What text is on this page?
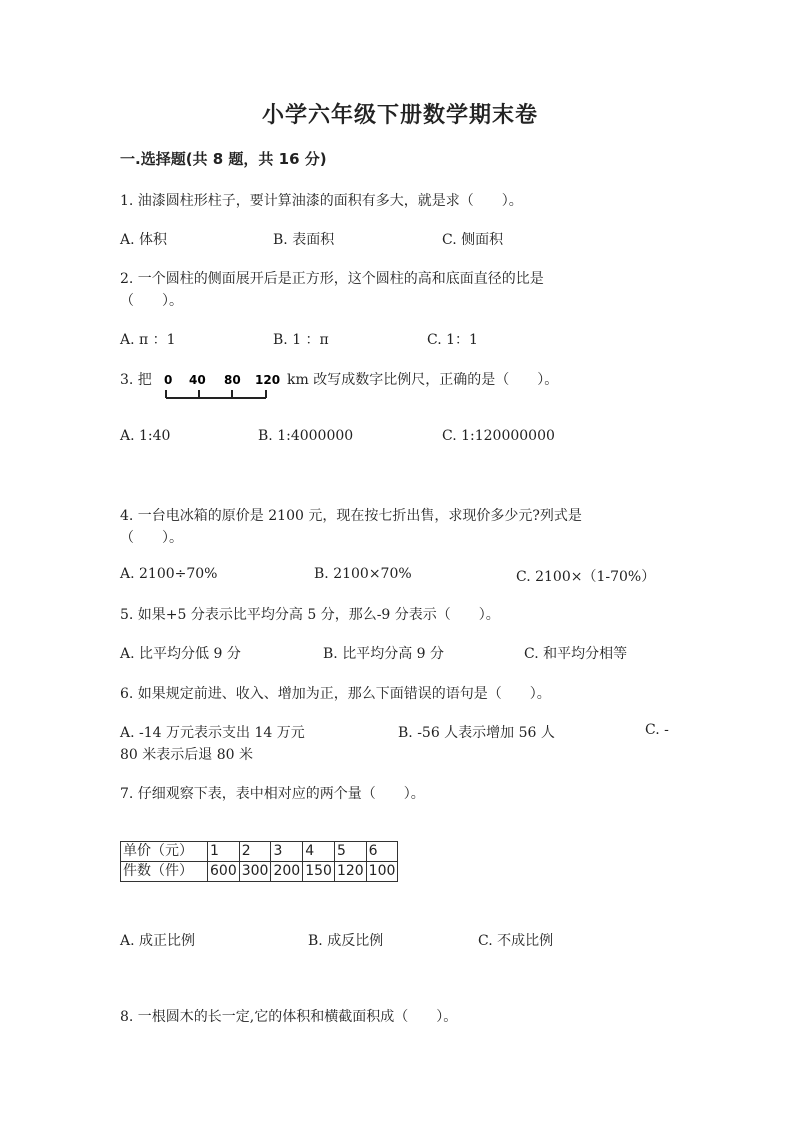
小学六年级下册数学期末卷
一.选择题(共 8 题，共 16 分)
1. 油漆圆柱形柱子，要计算油漆的面积有多大，就是求（　　）。
A. 体积	B. 表面积	C. 侧面积
2. 一个圆柱的侧面展开后是正方形，这个圆柱的高和底面直径的比是
（　　）。
A. π ：1	B. 1 ：π	C. 1：1
3. 把 0 40 80 120 km 改写成数字比例尺，正确的是（　　）。
A. 1:40	B. 1:4000000	C. 1:120000000
4. 一台电冰箱的原价是 2100 元，现在按七折出售，求现价多少元?列式是
（　　）。
A. 2100÷70%	B. 2100×70%	C. 2100×（1-70%）
5. 如果+5 分表示比平均分高 5 分，那么-9 分表示（　　）。
A. 比平均分低 9 分	B. 比平均分高 9 分	C. 和平均分相等
6. 如果规定前进、收入、增加为正，那么下面错误的语句是（　　）。
A. -14 万元表示支出 14 万元	B. -56 人表示增加 56 人	C. -
80 米表示后退 80 米
7. 仔细观察下表，表中相对应的两个量（　　）。
单价（元）	1	2	3	4	5	6
件数（件）	600	300	200	150	120	100
A. 成正比例	B. 成反比例	C. 不成比例
8. 一根圆木的长一定,它的体积和横截面积成（　　）。
